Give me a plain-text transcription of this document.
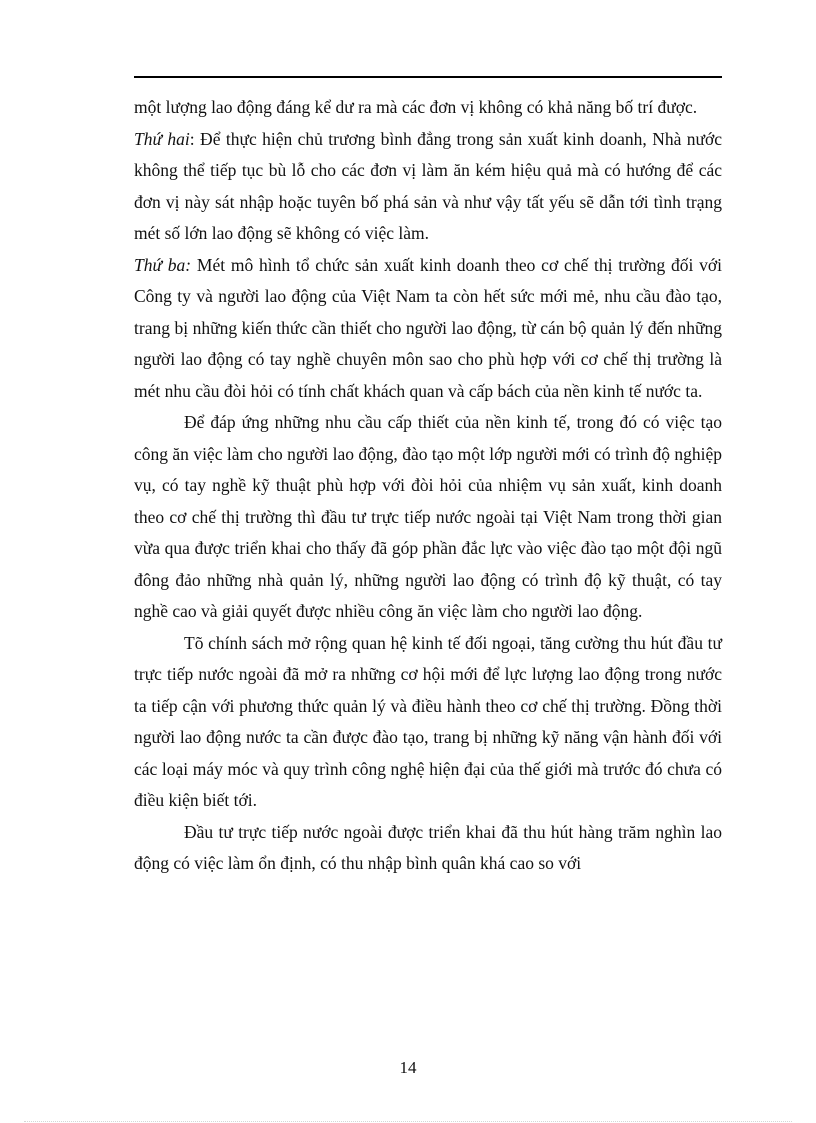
một lượng lao động đáng kể dư ra mà các đơn vị không có khả năng bố trí được.

Thứ hai: Để thực hiện chủ trương bình đẳng trong sản xuất kinh doanh, Nhà nước không thể tiếp tục bù lỗ cho các đơn vị làm ăn kém hiệu quả mà có hướng để các đơn vị này sát nhập hoặc tuyên bố phá sản và như vậy tất yếu sẽ dẫn tới tình trạng mét số lớn lao động sẽ không có việc làm.

Thứ ba: Mét mô hình tổ chức sản xuất kinh doanh theo cơ chế thị trường đối với Công ty và người lao động của Việt Nam ta còn hết sức mới mẻ, nhu cầu đào tạo, trang bị những kiến thức cần thiết cho người lao động, từ cán bộ quản lý đến những người lao động có tay nghề chuyên môn sao cho phù hợp với cơ chế thị trường là mét nhu cầu đòi hỏi có tính chất khách quan và cấp bách của nền kinh tế nước ta.

Để đáp ứng những nhu cầu cấp thiết của nền kinh tế, trong đó có việc tạo công ăn việc làm cho người lao động, đào tạo một lớp người mới có trình độ nghiệp vụ, có tay nghề kỹ thuật phù hợp với đòi hỏi của nhiệm vụ sản xuất, kinh doanh theo cơ chế thị trường thì đầu tư trực tiếp nước ngoài tại Việt Nam trong thời gian vừa qua được triển khai cho thấy đã góp phần đắc lực vào việc đào tạo một đội ngũ đông đảo những nhà quản lý, những người lao động có trình độ kỹ thuật, có tay nghề cao và giải quyết được nhiều công ăn việc làm cho người lao động.

Tõ chính sách mở rộng quan hệ kinh tế đối ngoại, tăng cường thu hút đầu tư trực tiếp nước ngoài đã mở ra những cơ hội mới để lực lượng lao động trong nước ta tiếp cận với phương thức quản lý và điều hành theo cơ chế thị trường. Đồng thời người lao động nước ta cần được đào tạo, trang bị những kỹ năng vận hành đối với các loại máy móc và quy trình công nghệ hiện đại của thế giới mà trước đó chưa có điều kiện biết tới.

Đầu tư trực tiếp nước ngoài được triển khai đã thu hút hàng trăm nghìn lao động có việc làm ổn định, có thu nhập bình quân khá cao so với

14
